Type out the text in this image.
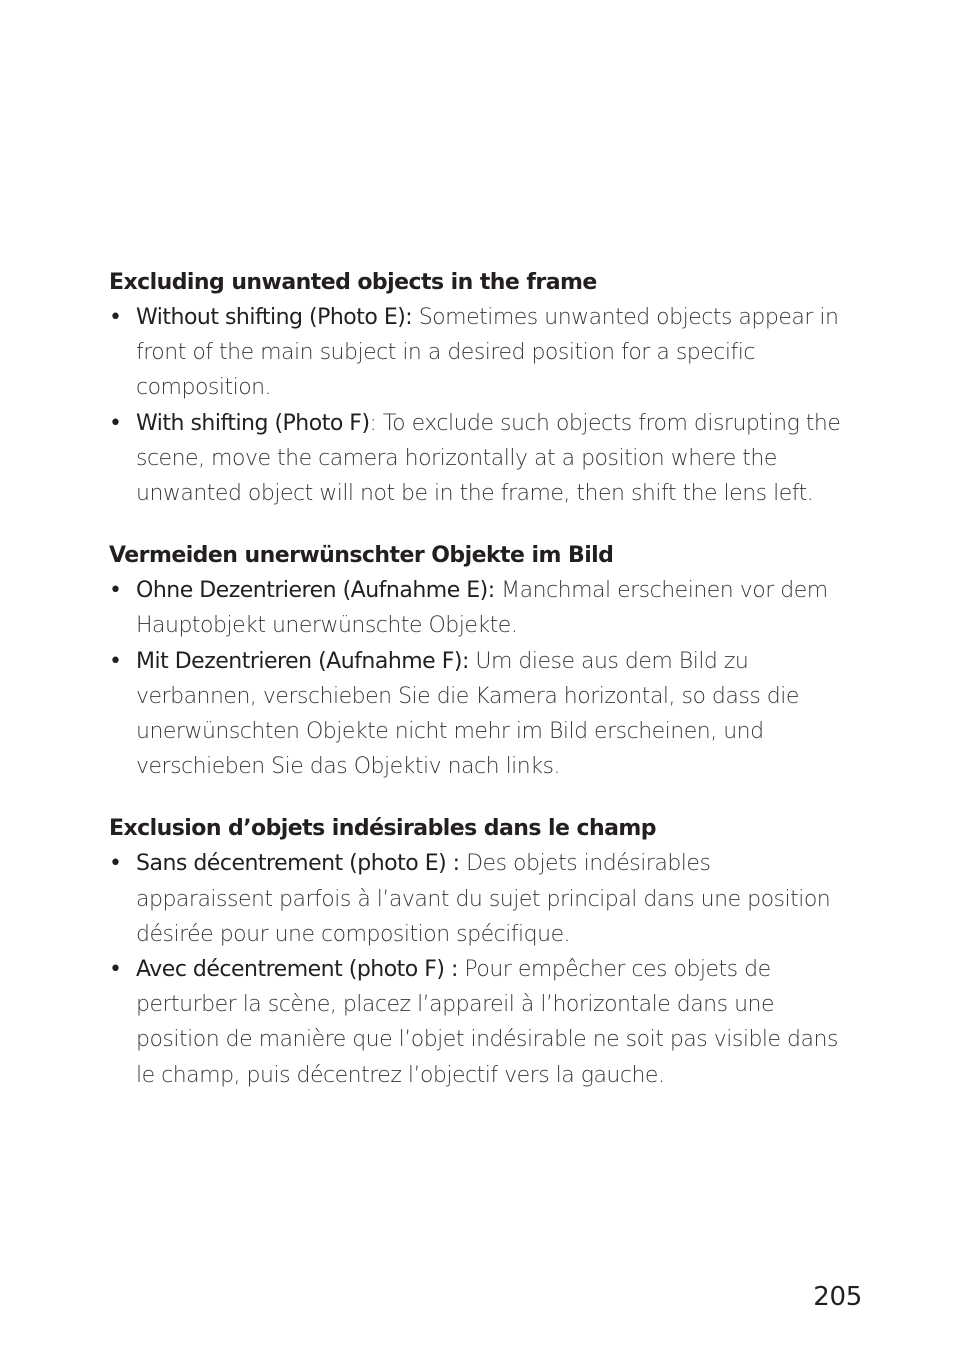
Excluding unwanted objects in the frame
• Without shifting (Photo E): Sometimes unwanted objects appear in front of the main subject in a desired position for a specific composition.
• With shifting (Photo F): To exclude such objects from disrupting the scene, move the camera horizontally at a position where the unwanted object will not be in the frame, then shift the lens left.
Vermeiden unerwünschter Objekte im Bild
• Ohne Dezentrieren (Aufnahme E): Manchmal erscheinen vor dem Hauptobjekt unerwünschte Objekte.
• Mit Dezentrieren (Aufnahme F): Um diese aus dem Bild zu verbannen, verschieben Sie die Kamera horizontal, so dass die unerwünschten Objekte nicht mehr im Bild erscheinen, und verschieben Sie das Objektiv nach links.
Exclusion d’objets indésirables dans le champ
• Sans décentrement (photo E) : Des objets indésirables apparaissent parfois à l’avant du sujet principal dans une position désirée pour une composition spécifique.
• Avec décentrement (photo F) : Pour empêcher ces objets de perturber la scène, placez l’appareil à l’horizontale dans une position de manière que l’objet indésirable ne soit pas visible dans le champ, puis décentrez l’objectif vers la gauche.
205
